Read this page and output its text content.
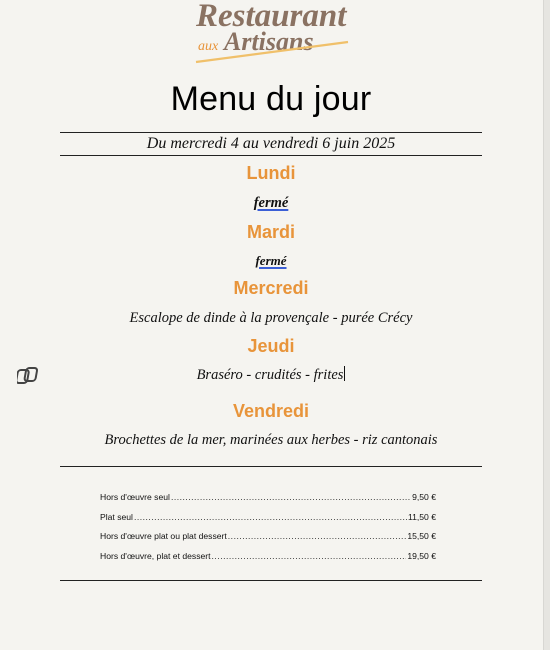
Restaurant
aux Artisans
Menu du jour
Du mercredi 4 au vendredi 6 juin 2025
Lundi
fermé
Mardi
fermé
Mercredi
Escalope de dinde à la provençale - purée Crécy
Jeudi
Braséro - crudités - frites
Vendredi
Brochettes de la mer, marinées aux herbes - riz cantonais
Hors d'œuvre seul .....	9,50 €
Plat seul .....	11,50 €
Hors d'œuvre plat ou plat dessert .....	15,50 €
Hors d'œuvre, plat et dessert .....	19,50 €
